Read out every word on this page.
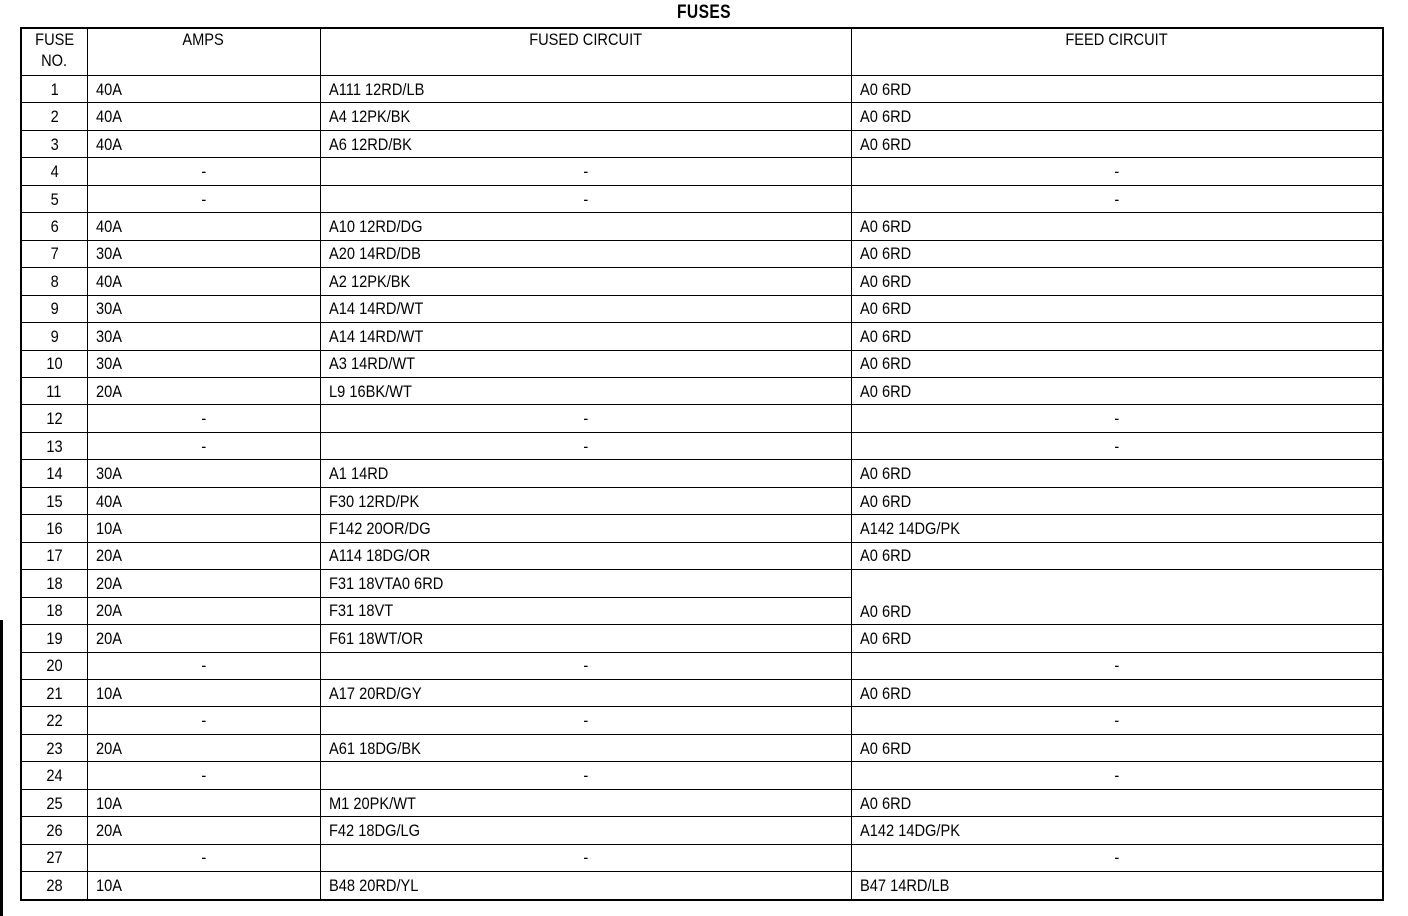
FUSES
FUSE
NO.	AMPS	FUSED CIRCUIT	FEED CIRCUIT
1	40A	A111 12RD/LB	A0 6RD
2	40A	A4 12PK/BK	A0 6RD
3	40A	A6 12RD/BK	A0 6RD
4	-	-	-
5	-	-	-
6	40A	A10 12RD/DG	A0 6RD
7	30A	A20 14RD/DB	A0 6RD
8	40A	A2 12PK/BK	A0 6RD
9	30A	A14 14RD/WT	A0 6RD
9	30A	A14 14RD/WT	A0 6RD
10	30A	A3 14RD/WT	A0 6RD
11	20A	L9 16BK/WT	A0 6RD
12	-	-	-
13	-	-	-
14	30A	A1 14RD	A0 6RD
15	40A	F30 12RD/PK	A0 6RD
16	10A	F142 20OR/DG	A142 14DG/PK
17	20A	A114 18DG/OR	A0 6RD
18	20A	F31 18VTA0 6RD	A0 6RD
18	20A	F31 18VT	
19	20A	F61 18WT/OR	A0 6RD
20	-	-	-
21	10A	A17 20RD/GY	A0 6RD
22	-	-	-
23	20A	A61 18DG/BK	A0 6RD
24	-	-	-
25	10A	M1 20PK/WT	A0 6RD
26	20A	F42 18DG/LG	A142 14DG/PK
27	-	-	-
28	10A	B48 20RD/YL	B47 14RD/LB
